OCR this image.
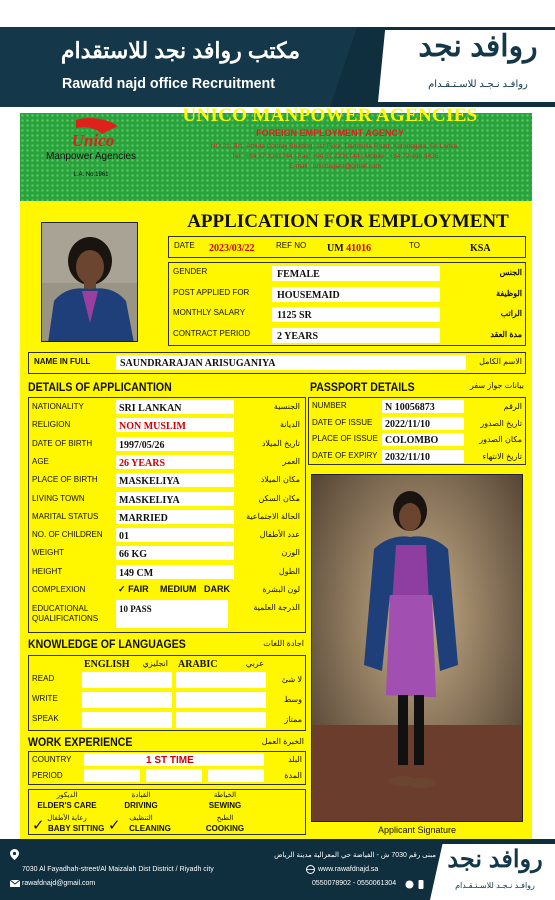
مكتب روافد نجد للاستقدام
Rawafd najd office Recruitment
روافد نجد
روافـد نـجـد للاسـتـقـدام
UNICO MANPOWER AGENCIES
FOREIGN EMPLOYMENT AGENCY
NO.21, B/1, Athula Conray Building, 1st Floor, Dambulla Road, Kurunegala, Sri Lanka.
Tel : +94 37 2231744 | Fax: +94 37 2231744 | Mobile : +94 72 498 3435
E-mail : unicoagent@gmail.com
Unico
Manpower Agencies
L.A. No:1961
APPLICATION FOR EMPLOYMENT
DATE 2023/03/22	REF NO UM 41016	TO	KSA
NAME IN FULL	SAUNDRARAJAN ARISUGANIYA	الاسم الكامل
DETAILS OF APPLICANTION	PASSPORT DETAILS	بيانات جواز سفر
COMPLEXION	✓ FAIR MEDIUM DARK	لون البشرة
EDUCATIONAL QUALIFICATIONS
10 PASS	الدرجة العلمية
Applicant Signature
KNOWLEDGE OF LANGUAGES	اجادة اللغات
ENGLISH	انجليزي ARABIC	عربي
WORK EXPERIENCE	الخبرة العمل
COUNTRY	1 ST TIME	البلد
PERIOD	المدة
✓	✓
روافد نجد
روافـد نـجـد للاسـتـقـدام
مبنى رقم 7030 ش - الفياضة حي المعزالية مدينة الرياض
7030 Al Fayadhah-street/Al Maizalah Dist District / Riyadh city	www.rawafdnajd.sa
rawafdnajd@gmail.com	0550078902 - 0550061304
GENDER	FEMALE	الجنس
POST APPLIED FOR	HOUSEMAID	الوظيفة
MONTHLY SALARY	1125 SR	الراتب
CONTRACT PERIOD	2 YEARS	مدة العقد
NATIONALITY	SRI LANKAN	الجنسية
RELIGION	NON MUSLIM	الديانة
DATE OF BIRTH	1997/05/26	تاريخ الميلاد
AGE	26 YEARS	العمر
PLACE OF BIRTH MASKELIYA	مكان الميلاد
LIVING TOWN	MASKELIYA	مكان السكن
MARITAL STATUS MARRIED	الحالة الاجتماعية
NO. OF CHILDREN 01	عدد الأطفال
WEIGHT	66 KG	الوزن
HEIGHT	149 CM	الطول
NUMBER	N 10056873	الرقم
DATE OF ISSUE 2022/11/10	تاريخ الصدور
PLACE OF ISSUE COLOMBO	مكان الصدور
DATE OF EXPIRY 2032/11/10	تاريخ الانتهاء
READ	لا شئ
WRITE	وسط
SPEAK	ممتاز
الديكور
ELDER'S CARE
القيادة
DRIVING
الخياطة
SEWING
رعاية الأطفال
BABY SITTING
التنظيف
CLEANING
الطبخ
COOKING
